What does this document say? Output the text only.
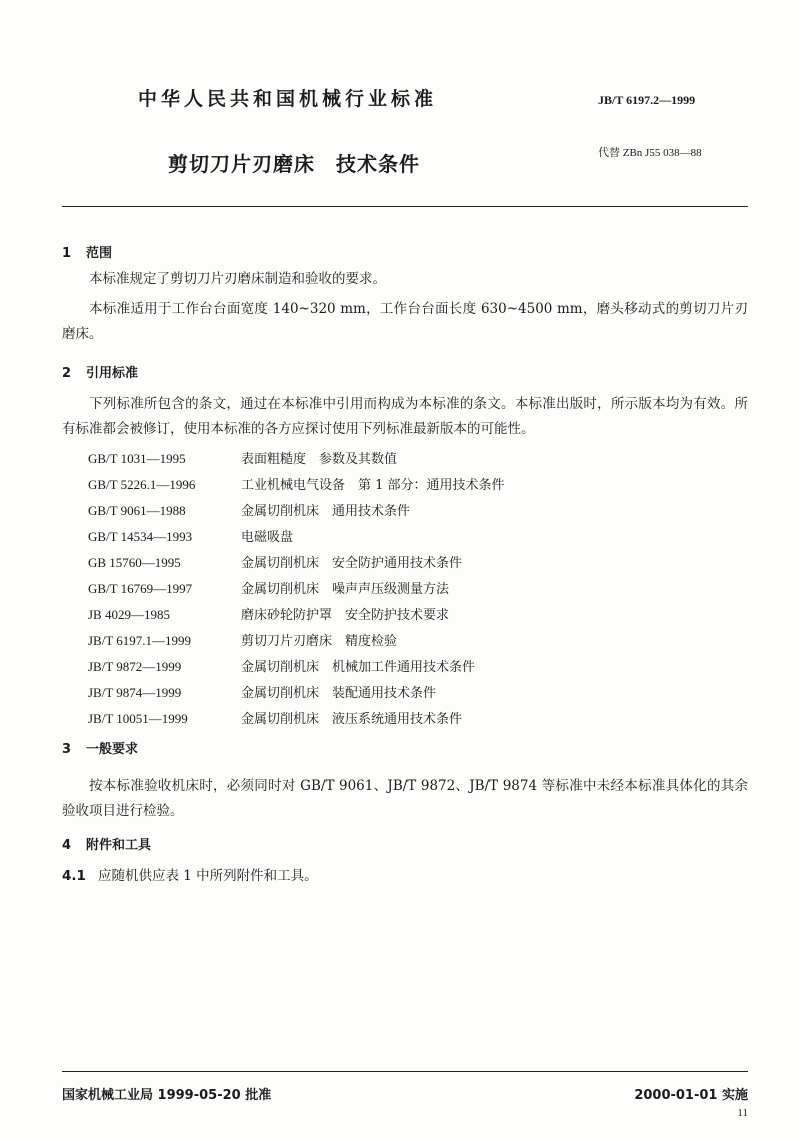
中华人民共和国机械行业标准	JB/T 6197.2—1999
剪切刀片刃磨床　技术条件	代替 ZBn J55 038—88
1 范围
本标准规定了剪切刀片刃磨床制造和验收的要求。
本标准适用于工作台台面宽度 140~320 mm，工作台台面长度 630~4500 mm，磨头移动式的剪切刀片刃磨床。
2 引用标准
下列标准所包含的条文，通过在本标准中引用而构成为本标准的条文。本标准出版时，所示版本均为有效。所有标准都会被修订，使用本标准的各方应探讨使用下列标准最新版本的可能性。
GB/T 1031—1995	表面粗糙度　参数及其数值
GB/T 5226.1—1996	工业机械电气设备　第 1 部分：通用技术条件
GB/T 9061—1988	金属切削机床　通用技术条件
GB/T 14534—1993	电磁吸盘
GB 15760—1995	金属切削机床　安全防护通用技术条件
GB/T 16769—1997	金属切削机床　噪声声压级测量方法
JB 4029—1985	磨床砂轮防护罩　安全防护技术要求
JB/T 6197.1—1999	剪切刀片刃磨床　精度检验
JB/T 9872—1999	金属切削机床　机械加工件通用技术条件
JB/T 9874—1999	金属切削机床　装配通用技术条件
JB/T 10051—1999	金属切削机床　液压系统通用技术条件
3 一般要求
按本标准验收机床时，必须同时对 GB/T 9061、JB/T 9872、JB/T 9874 等标准中未经本标准具体化的其余验收项目进行检验。
4 附件和工具
4.1 应随机供应表 1 中所列附件和工具。
国家机械工业局 1999-05-20 批准	2000-01-01 实施
11
